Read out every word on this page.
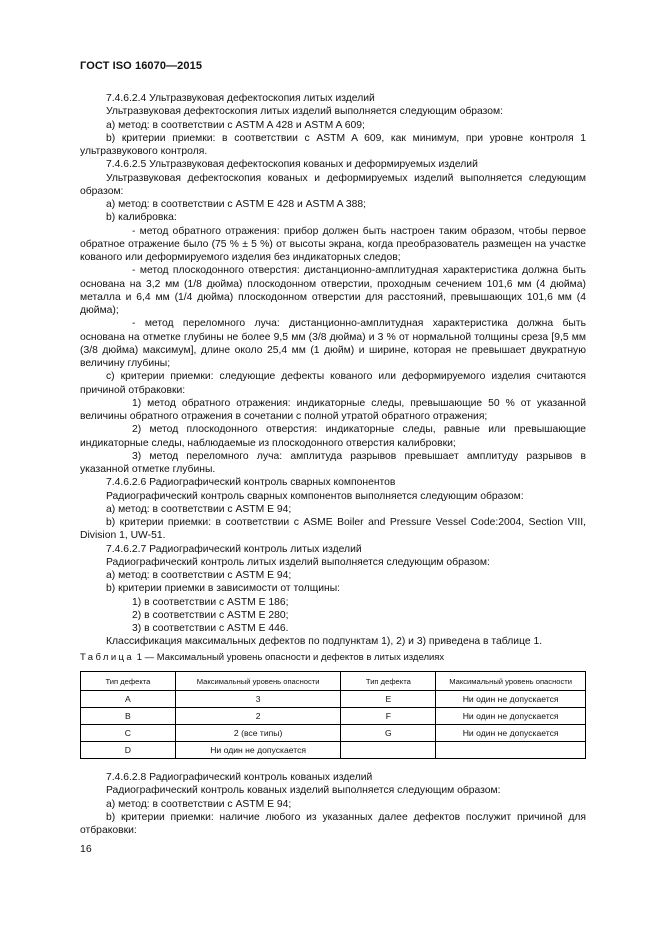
ГОСТ ISO 16070—2015

7.4.6.2.4 Ультразвуковая дефектоскопия литых изделий

Ультразвуковая дефектоскопия литых изделий выполняется следующим образом:

a) метод: в соответствии с ASTM A 428 и ASTM A 609;

b) критерии приемки: в соответствии с ASTM A 609, как минимум, при уровне контроля 1 ультразвукового контроля.

7.4.6.2.5 Ультразвуковая дефектоскопия кованых и деформируемых изделий

Ультразвуковая дефектоскопия кованых и деформируемых изделий выполняется следующим образом:

a) метод: в соответствии с ASTM E 428 и ASTM A 388;

b) калибровка:

- метод обратного отражения: прибор должен быть настроен таким образом, чтобы первое обратное отражение было (75 % ± 5 %) от высоты экрана, когда преобразователь размещен на участке кованого или деформируемого изделия без индикаторных следов;

- метод плоскодонного отверстия: дистанционно-амплитудная характеристика должна быть основана на 3,2 мм (1/8 дюйма) плоскодонном отверстии, проходным сечением 101,6 мм (4 дюйма) металла и 6,4 мм (1/4 дюйма) плоскодонном отверстии для расстояний, превышающих 101,6 мм (4 дюйма);

- метод переломного луча: дистанционно-амплитудная характеристика должна быть основана на отметке глубины не более 9,5 мм (3/8 дюйма) и 3 % от нормальной толщины среза [9,5 мм (3/8 дюйма) максимум], длине около 25,4 мм (1 дюйм) и ширине, которая не превышает двукратную величину глубины;

с) критерии приемки: следующие дефекты кованого или деформируемого изделия считаются причиной отбраковки:

1) метод обратного отражения: индикаторные следы, превышающие 50 % от указанной величины обратного отражения в сочетании с полной утратой обратного отражения;

2) метод плоскодонного отверстия: индикаторные следы, равные или превышающие индикаторные следы, наблюдаемые из плоскодонного отверстия калибровки;

3) метод переломного луча: амплитуда разрывов превышает амплитуду разрывов в указанной отметке глубины.

7.4.6.2.6 Радиографический контроль сварных компонентов

Радиографический контроль сварных компонентов выполняется следующим образом:

a) метод: в соответствии с ASTM E 94;

b) критерии приемки: в соответствии с ASME Boiler and Pressure Vessel Code:2004, Section VIII, Division 1, UW-51.

7.4.6.2.7 Радиографический контроль литых изделий

Радиографический контроль литых изделий выполняется следующим образом:

a) метод: в соответствии с ASTM E 94;

b) критерии приемки в зависимости от толщины:

1) в соответствии с ASTM E 186;

2) в соответствии с ASTM E 280;

3) в соответствии с ASTM E 446.

Классификация максимальных дефектов по подпунктам 1), 2) и 3) приведена в таблице 1.

Таблица 1 — Максимальный уровень опасности и дефектов в литых изделиях
Тип дефекта	Максимальный уровень опасности	Тип дефекта	Максимальный уровень опасности
A	3	E	Ни один не допускается
B	2	F	Ни один не допускается
C	2 (все типы)	G	Ни один не допускается
D	Ни один не допускается		

7.4.6.2.8 Радиографический контроль кованых изделий

Радиографический контроль кованых изделий выполняется следующим образом:

a) метод: в соответствии с ASTM E 94;

b) критерии приемки: наличие любого из указанных далее дефектов послужит причиной для отбраковки:

16
